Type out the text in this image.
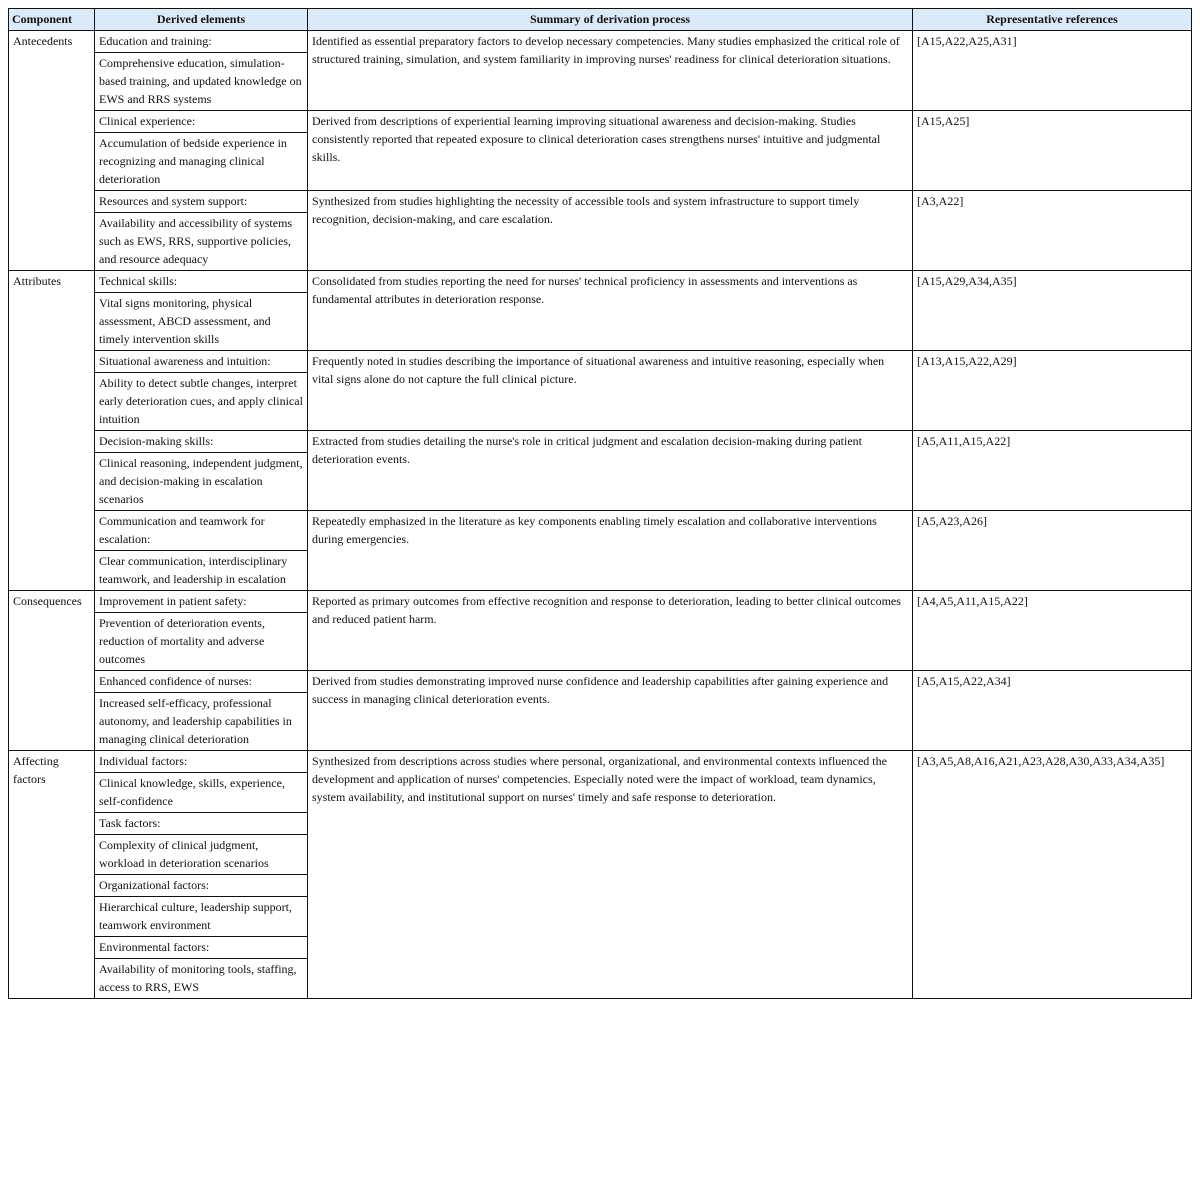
Component	Derived elements	Summary of derivation process	Representative references
Antecedents	Education and training:	Identified as essential preparatory factors to develop necessary competencies. Many studies emphasized the critical role of structured training, simulation, and system familiarity in improving nurses' readiness for clinical deterioration situations.	[A15,A22,A25,A31]
	Comprehensive education, simulation-based training, and updated knowledge on EWS and RRS systems		
	Clinical experience:	Derived from descriptions of experiential learning improving situational awareness and decision-making. Studies consistently reported that repeated exposure to clinical deterioration cases strengthens nurses' intuitive and judgmental skills.	[A15,A25]
	Accumulation of bedside experience in recognizing and managing clinical deterioration		
	Resources and system support:	Synthesized from studies highlighting the necessity of accessible tools and system infrastructure to support timely recognition, decision-making, and care escalation.	[A3,A22]
	Availability and accessibility of systems such as EWS, RRS, supportive policies, and resource adequacy		
Attributes	Technical skills:	Consolidated from studies reporting the need for nurses' technical proficiency in assessments and interventions as fundamental attributes in deterioration response.	[A15,A29,A34,A35]
	Vital signs monitoring, physical assessment, ABCD assessment, and timely intervention skills		
	Situational awareness and intuition:	Frequently noted in studies describing the importance of situational awareness and intuitive reasoning, especially when vital signs alone do not capture the full clinical picture.	[A13,A15,A22,A29]
	Ability to detect subtle changes, interpret early deterioration cues, and apply clinical intuition		
	Decision-making skills:	Extracted from studies detailing the nurse's role in critical judgment and escalation decision-making during patient deterioration events.	[A5,A11,A15,A22]
	Clinical reasoning, independent judgment, and decision-making in escalation scenarios		
	Communication and teamwork for escalation:	Repeatedly emphasized in the literature as key components enabling timely escalation and collaborative interventions during emergencies.	[A5,A23,A26]
	Clear communication, interdisciplinary teamwork, and leadership in escalation		
Consequences	Improvement in patient safety:	Reported as primary outcomes from effective recognition and response to deterioration, leading to better clinical outcomes and reduced patient harm.	[A4,A5,A11,A15,A22]
	Prevention of deterioration events, reduction of mortality and adverse outcomes		
	Enhanced confidence of nurses:	Derived from studies demonstrating improved nurse confidence and leadership capabilities after gaining experience and success in managing clinical deterioration events.	[A5,A15,A22,A34]
	Increased self-efficacy, professional autonomy, and leadership capabilities in managing clinical deterioration		
Affecting factors	Individual factors:	Synthesized from descriptions across studies where personal, organizational, and environmental contexts influenced the development and application of nurses' competencies. Especially noted were the impact of workload, team dynamics, system availability, and institutional support on nurses' timely and safe response to deterioration.	[A3,A5,A8,A16,A21,A23,A28,A30,A33,A34,A35]
	Clinical knowledge, skills, experience, self-confidence		
	Task factors:		
	Complexity of clinical judgment, workload in deterioration scenarios		
	Organizational factors:		
	Hierarchical culture, leadership support, teamwork environment		
	Environmental factors:		
	Availability of monitoring tools, staffing, access to RRS, EWS		
